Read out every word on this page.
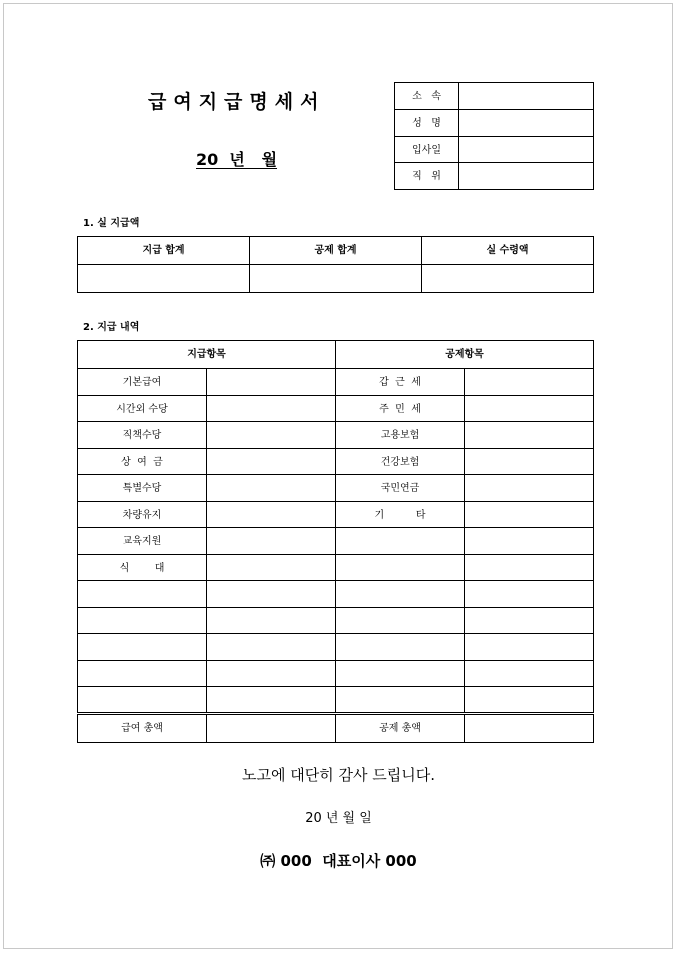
급여지급명세서
20  년   월
소   속	
성   명	
입사일	
직   위	
1. 실 지급액
지급 합계	공제 합계	실 수령액

2. 지급 내역
지급항목		공제항목	
기본급여		갑  근  세	
시간외 수당		주  민  세	
직책수당		고용보험	
상  여  금		건강보험	
특별수당		국민연금	
차량유지		기          타	
교육지원			
식        대			

급여 총액		공제 총액	
노고에 대단히 감사 드립니다.
20 년 월 일
㈜ 000  대표이사 000
